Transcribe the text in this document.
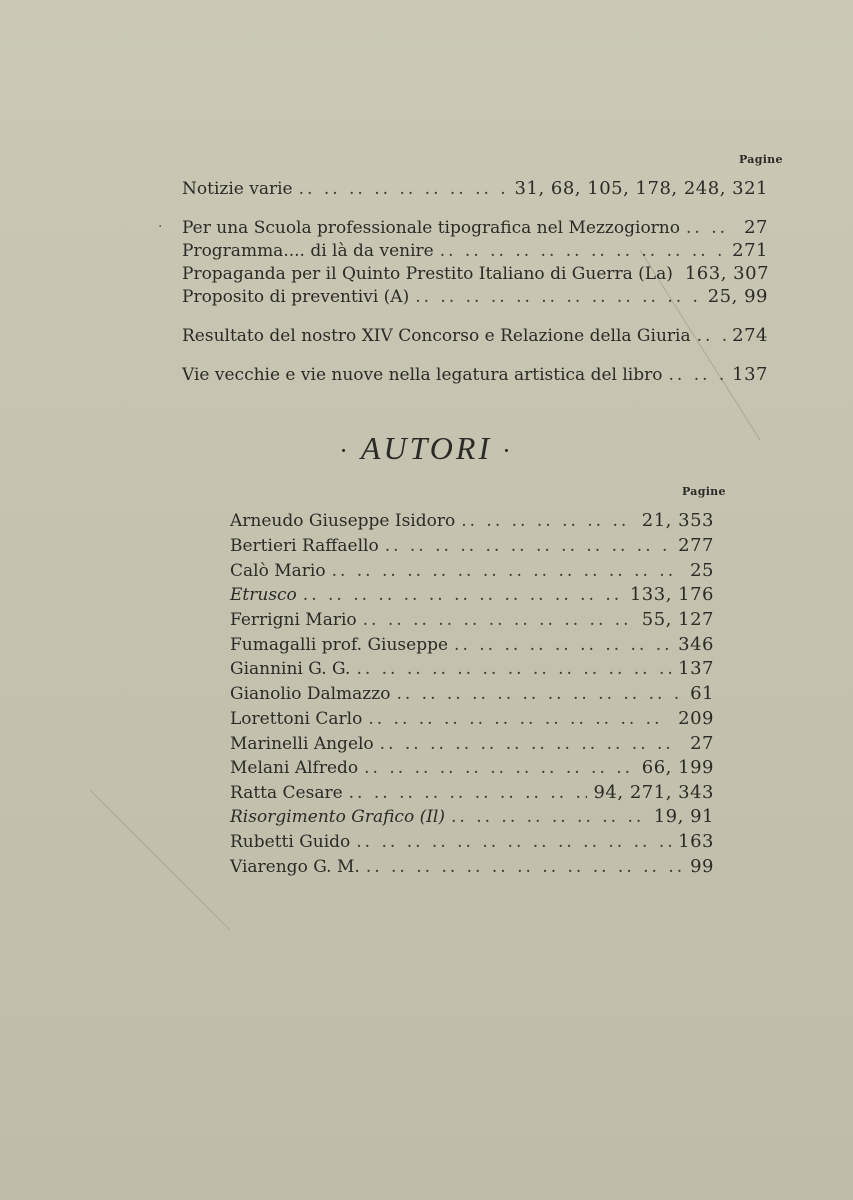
·
Pagine
Notizie varie .. ..	31, 68, 105, 178, 248, 321
Per una Scuola professionale tipografica nel Mezzogiorno .. ..	27
Programma.... di là da venire .. ..	271
Propaganda per il Quinto Prestito Italiano di Guerra (La) 163, 307
Proposito di preventivi (A) .. ..	25, 99
Resultato del nostro XIV Concorso e Relazione della Giuria .. .. 274
Vie vecchie e vie nuove nella legatura artistica del libro .. ..	137
· AUTORI ·
Pagine
Arneudo Giuseppe Isidoro .. ..	21, 353
Bertieri Raffaello .. ..	277
Calò Mario .. ..	25
Etrusco .. ..	133, 176
Ferrigni Mario .. ..	55, 127
Fumagalli prof. Giuseppe .. ..	346
Giannini G. G. .. ..	137
Gianolio Dalmazzo .. ..	61
Lorettoni Carlo .. ..	209
Marinelli Angelo .. ..	27
Melani Alfredo .. ..	66, 199
Ratta Cesare .. ..	94, 271, 343
Risorgimento Grafico (Il) .. ..	19, 91
Rubetti Guido .. ..	163
Viarengo G. M. .. ..	99
